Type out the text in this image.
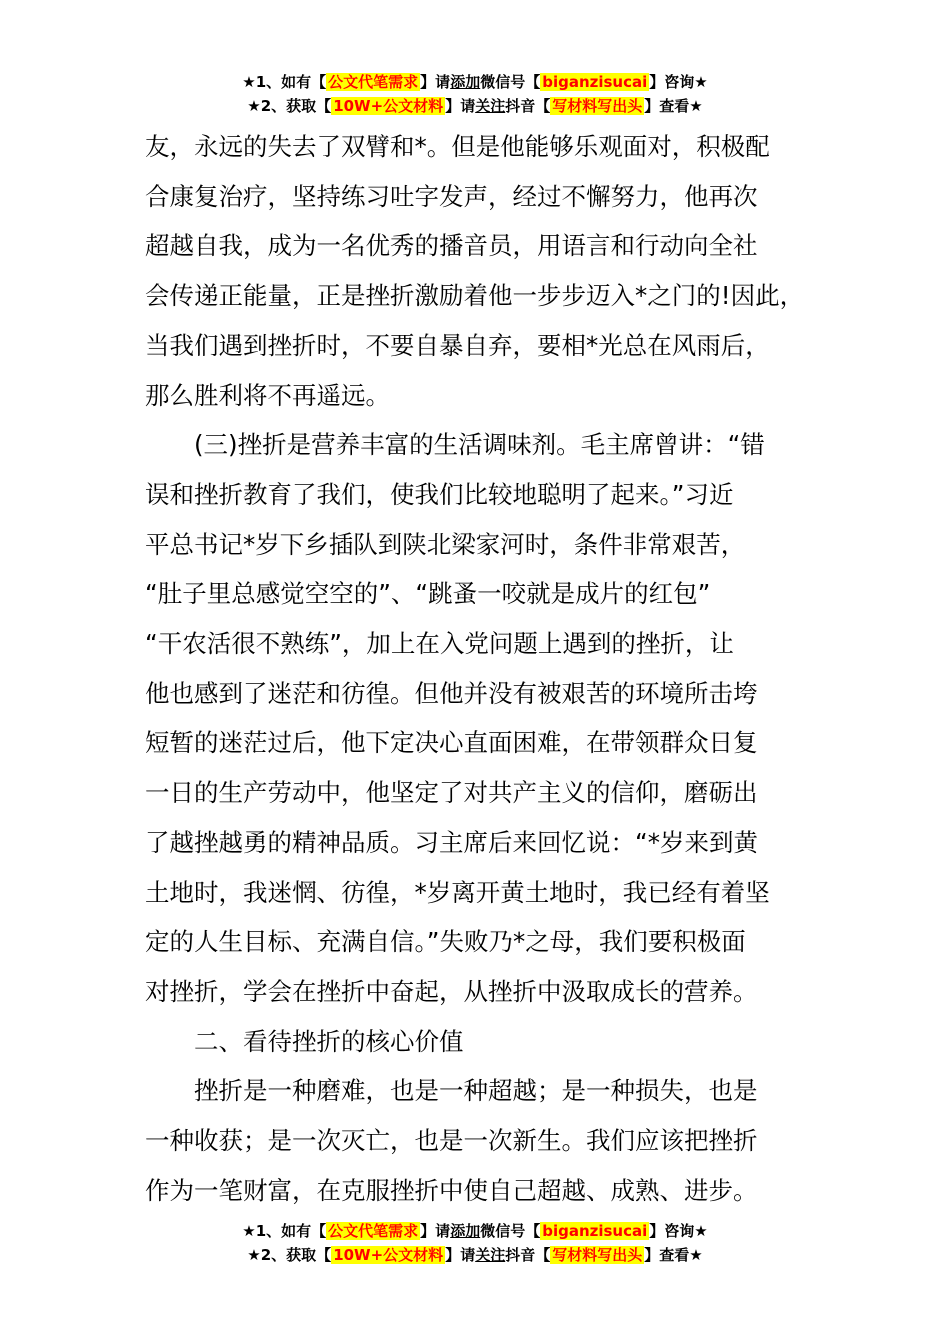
★1、如有【 公文代笔需求 】请添加微信号【 biganzisucai 】咨询★
★2、获取【 10W+公文材料 】请关注抖音【 写材料写出头 】查看★

友，永远的失去了双臂和*。但是他能够乐观面对，积极配

合康复治疗，坚持练习吐字发声，经过不懈努力，他再次

超越自我，成为一名优秀的播音员，用语言和行动向全社

会传递正能量，正是挫折激励着他一步步迈入*之门的!因此，

当我们遇到挫折时，不要自暴自弃，要相*光总在风雨后，

那么胜利将不再遥远。

(三)挫折是营养丰富的生活调味剂。毛主席曾讲：“错

误和挫折教育了我们，使我们比较地聪明了起来。”习近

平总书记*岁下乡插队到陕北梁家河时，条件非常艰苦，

“肚子里总感觉空空的”、“跳蚤一咬就是成片的红包”

“干农活很不熟练”，加上在入党问题上遇到的挫折，让

他也感到了迷茫和彷徨。但他并没有被艰苦的环境所击垮

短暂的迷茫过后，他下定决心直面困难，在带领群众日复

一日的生产劳动中，他坚定了对共产主义的信仰，磨砺出

了越挫越勇的精神品质。习主席后来回忆说：“*岁来到黄

土地时，我迷惘、彷徨，*岁离开黄土地时，我已经有着坚

定的人生目标、充满自信。”失败乃*之母，我们要积极面

对挫折，学会在挫折中奋起，从挫折中汲取成长的营养。

二、看待挫折的核心价值

挫折是一种磨难，也是一种超越；是一种损失，也是

一种收获；是一次灭亡，也是一次新生。我们应该把挫折

作为一笔财富，在克服挫折中使自己超越、成熟、进步。

★1、如有【 公文代笔需求 】请添加微信号【 biganzisucai 】咨询★
★2、获取【 10W+公文材料 】请关注抖音【 写材料写出头 】查看★
